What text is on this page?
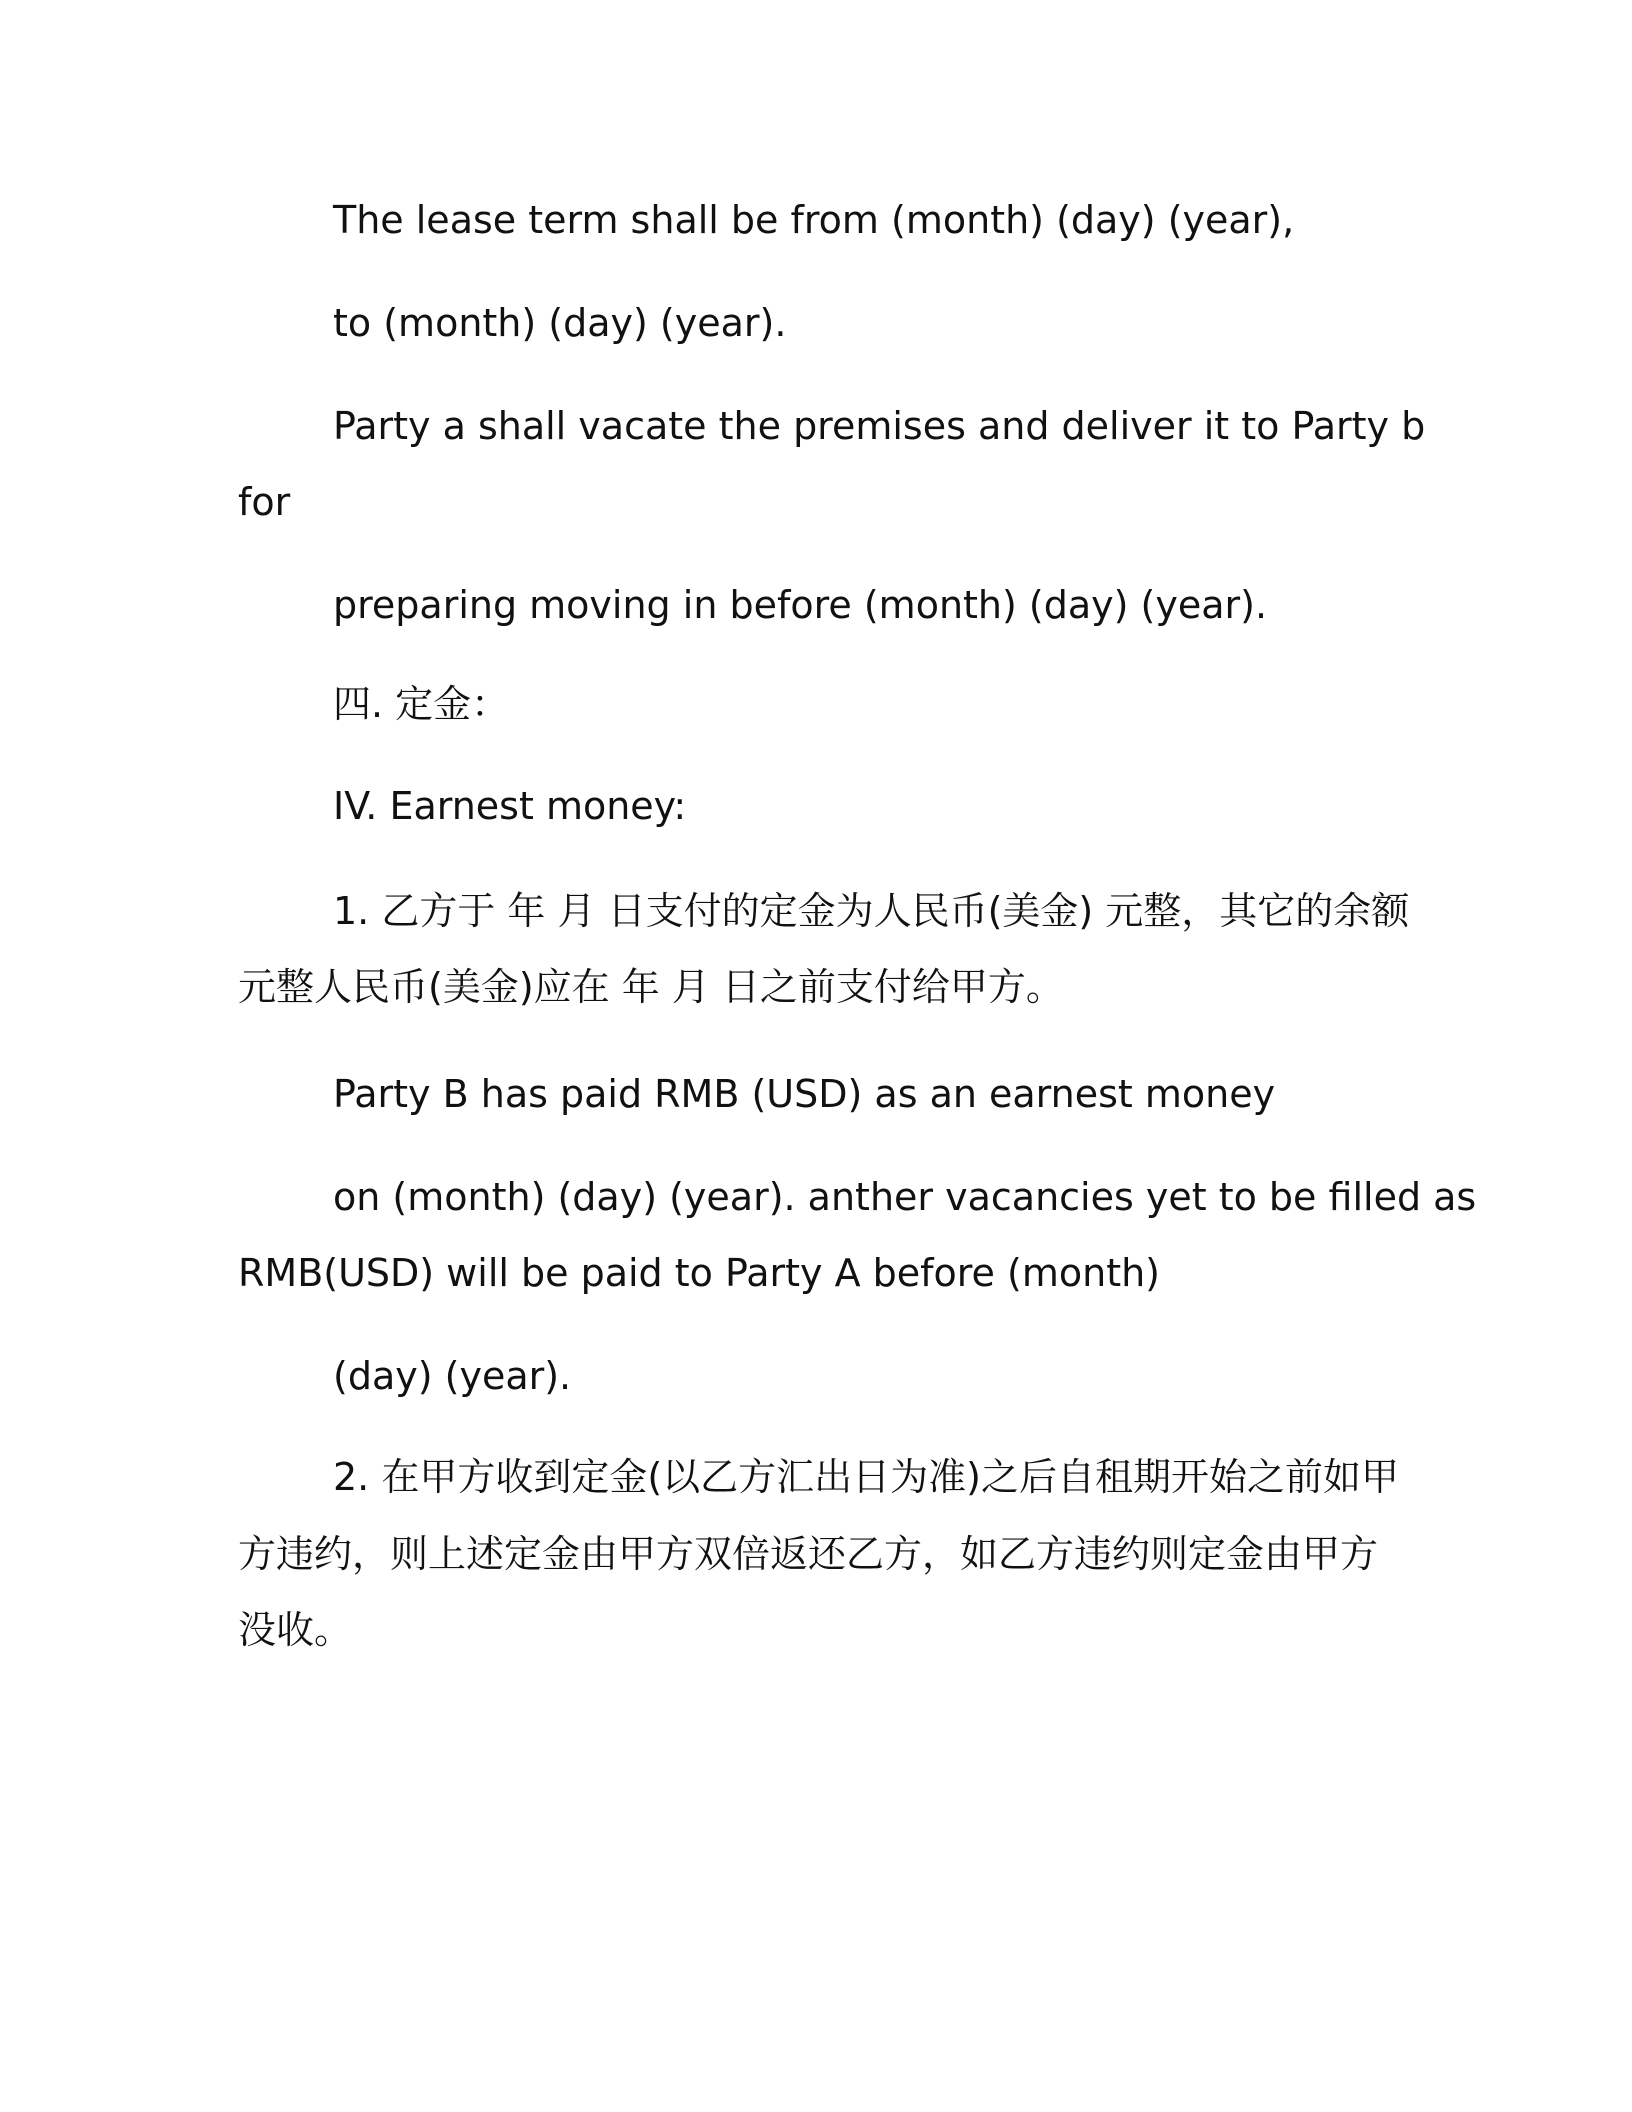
The lease term shall be from (month) (day) (year),
to (month) (day) (year).
Party a shall vacate the premises and deliver it to Party b
for
preparing moving in before (month) (day) (year).
四. 定金：
IV. Earnest money:
1. 乙方于 年 月 日支付的定金为人民币(美金) 元整，其它的余额
元整人民币(美金)应在 年 月 日之前支付给甲方。
Party B has paid RMB (USD) as an earnest money
on (month) (day) (year). anther vacancies yet to be filled as
RMB(USD) will be paid to Party A before (month)
(day) (year).
2. 在甲方收到定金(以乙方汇出日为准)之后自租期开始之前如甲
方违约，则上述定金由甲方双倍返还乙方，如乙方违约则定金由甲方
没收。
